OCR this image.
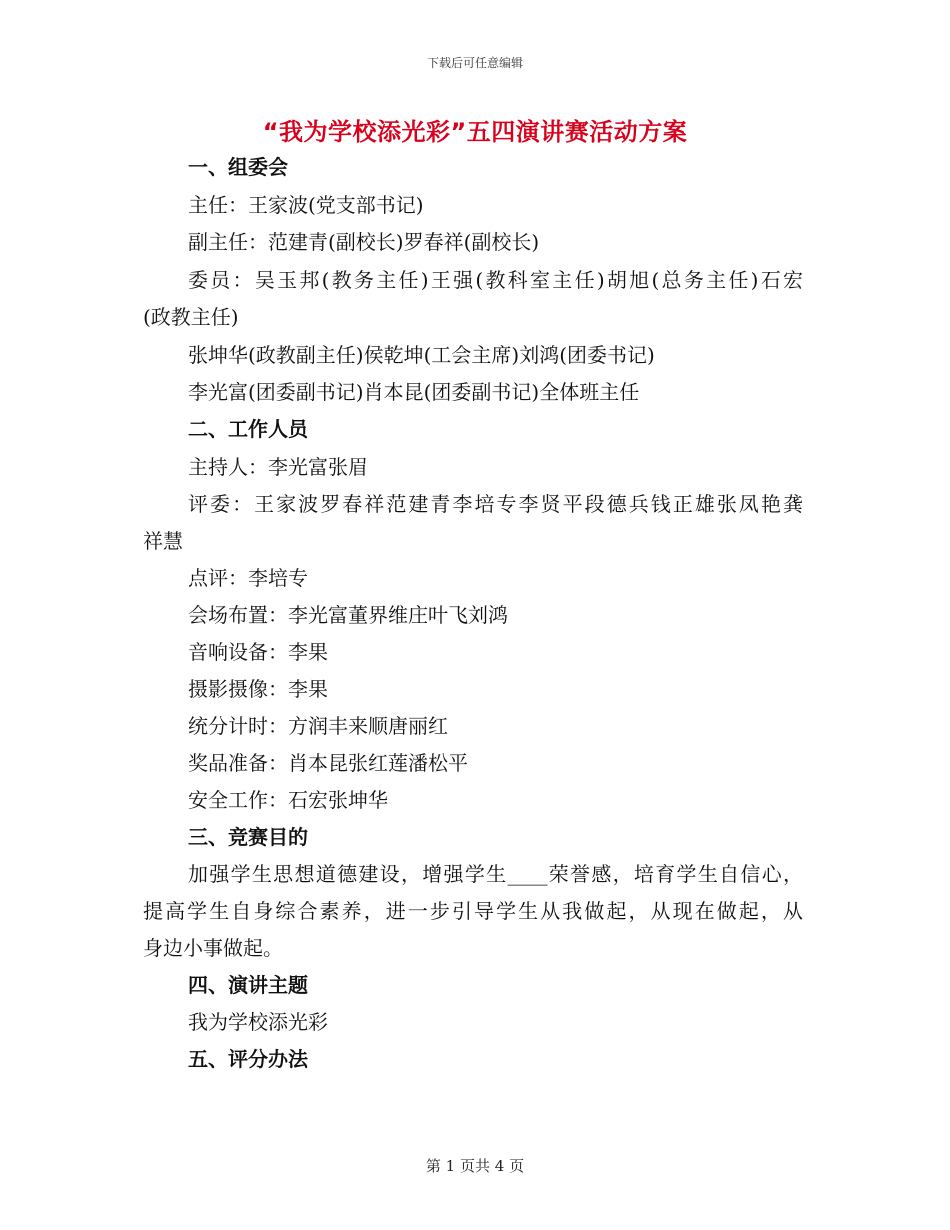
下载后可任意编辑
“我为学校添光彩”五四演讲赛活动方案
一、组委会
主任：王家波(党支部书记)
副主任：范建青(副校长)罗春祥(副校长)
委员：吴玉邦(教务主任)王强(教科室主任)胡旭(总务主任)石宏
(政教主任)
张坤华(政教副主任)侯乾坤(工会主席)刘鸿(团委书记)
李光富(团委副书记)肖本昆(团委副书记)全体班主任
二、工作人员
主持人：李光富张眉
评委：王家波罗春祥范建青李培专李贤平段德兵钱正雄张凤艳龚
祥慧
点评：李培专
会场布置：李光富董界维庄叶飞刘鸿
音响设备：李果
摄影摄像：李果
统分计时：方润丰来顺唐丽红
奖品准备：肖本昆张红莲潘松平
安全工作：石宏张坤华
三、竞赛目的
加强学生思想道德建设，增强学生____荣誉感，培育学生自信心，
提高学生自身综合素养，进一步引导学生从我做起，从现在做起，从
身边小事做起。
四、演讲主题
我为学校添光彩
五、评分办法
第 1 页共 4 页
